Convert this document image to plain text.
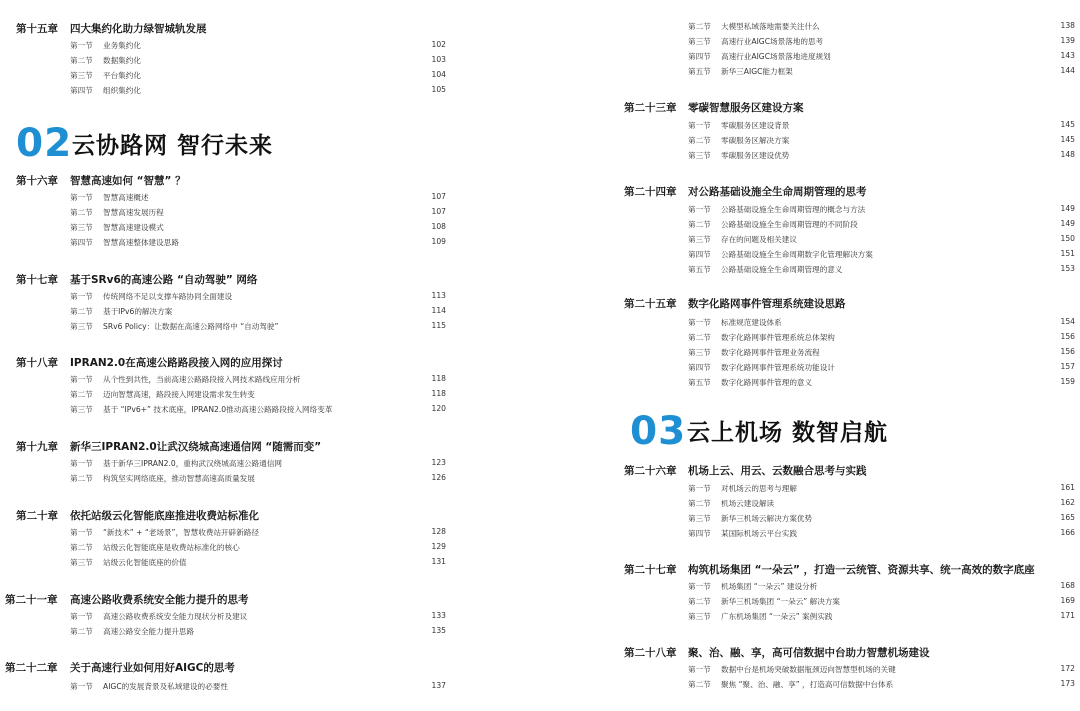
第十五章 四大集约化助力绿智城轨发展
第一节 业务集约化	102
第二节 数据集约化	103
第三节 平台集约化	104
第四节 组织集约化	105
02 云协路网 智行未来
第十六章 智慧高速如何 “智慧” ？
第一节 智慧高速概述	107
第二节 智慧高速发展历程	107
第三节 智慧高速建设模式	108
第四节 智慧高速整体建设思路	109
第十七章 基于SRv6的高速公路 “自动驾驶” 网络
第一节 传统网络不足以支撑车路协同全面建设	113
第二节 基于IPv6的解决方案	114
第三节 SRv6 Policy：让数据在高速公路网络中 “自动驾驶”	115
第十八章 IPRAN2.0在高速公路路段接入网的应用探讨
第一节 从个性到共性，当前高速公路路段接入网技术路线应用分析	118
第二节 迈向智慧高速，路段接入网建设需求发生转变	118
第三节 基于 “IPv6+” 技术底座，IPRAN2.0推动高速公路路段接入网络变革	120
第十九章 新华三IPRAN2.0让武汉绕城高速通信网 “随需而变”
第一节 基于新华三IPRAN2.0，重构武汉绕城高速公路通信网	123
第二节 构筑坚实网络底座，推动智慧高速高质量发展	126
第二十章 依托站级云化智能底座推进收费站标准化
第一节 “新技术” + “老场景”，智慧收费站开辟新路径	128
第二节 站级云化智能底座是收费站标准化的核心	129
第三节 站级云化智能底座的价值	131
第二十一章 高速公路收费系统安全能力提升的思考
第一节 高速公路收费系统安全能力现状分析及建议	133
第二节 高速公路安全能力提升思路	135
第二十二章 关于高速行业如何用好AIGC的思考
第一节 AIGC的发展背景及私域建设的必要性	137
第二节 大模型私域落地需要关注什么	138
第三节 高速行业AIGC场景落地的思考	139
第四节 高速行业AIGC场景落地进度规划	143
第五节 新华三AIGC能力框架	144
第二十三章 零碳智慧服务区建设方案
第一节 零碳服务区建设背景	145
第二节 零碳服务区解决方案	145
第三节 零碳服务区建设优势	148
第二十四章 对公路基础设施全生命周期管理的思考
第一节 公路基础设施全生命周期管理的概念与方法	149
第二节 公路基础设施全生命周期管理的不同阶段	149
第三节 存在的问题及相关建议	150
第四节 公路基础设施全生命周期数字化管理解决方案	151
第五节 公路基础设施全生命周期管理的意义	153
第二十五章 数字化路网事件管理系统建设思路
第一节 标准规范建设体系	154
第二节 数字化路网事件管理系统总体架构	156
第三节 数字化路网事件管理业务流程	156
第四节 数字化路网事件管理系统功能设计	157
第五节 数字化路网事件管理的意义	159
03 云上机场 数智启航
第二十六章 机场上云、用云、云数融合思考与实践
第一节 对机场云的思考与理解	161
第二节 机场云建设解读	162
第三节 新华三机场云解决方案优势	165
第四节 某国际机场云平台实践	166
第二十七章 构筑机场集团 “一朵云” ，打造一云统管、资源共享、统一高效的数字底座
第一节 机场集团 “一朵云” 建设分析	168
第二节 新华三机场集团 “一朵云” 解决方案	169
第三节 广东机场集团 “一朵云” 案例实践	171
第二十八章 聚、治、融、享，高可信数据中台助力智慧机场建设
第一节 数据中台是机场突破数据瓶颈迈向智慧型机场的关键	172
第二节 聚焦 “聚、治、融、享” ，打造高可信数据中台体系	173
